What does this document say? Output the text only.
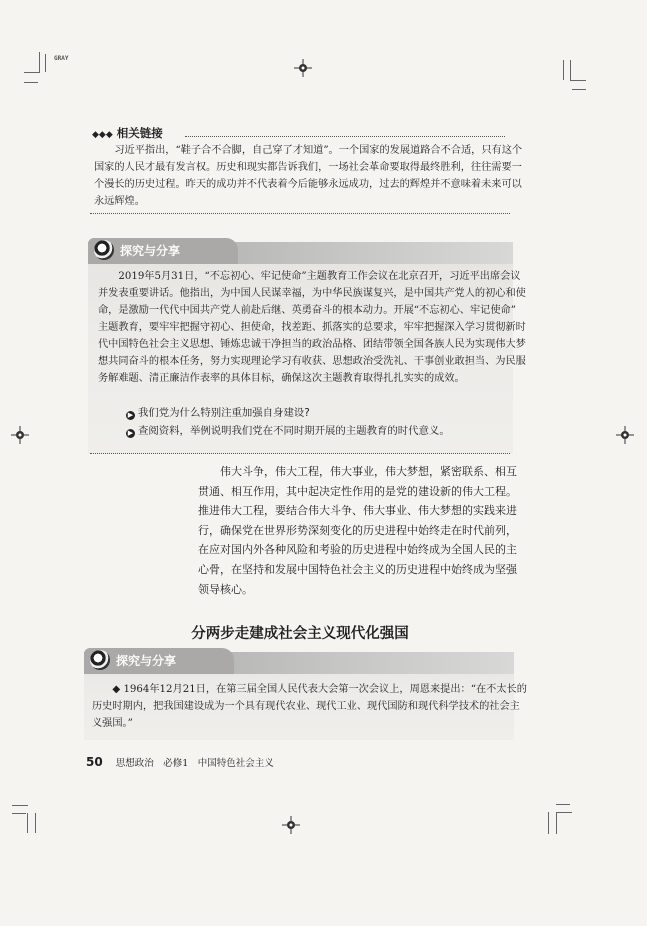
GRAY
◆◆◆ 相关链接
　　习近平指出，“鞋子合不合脚，自己穿了才知道”。一个国家的发展道路合不合适，只有这个
国家的人民才最有发言权。历史和现实都告诉我们，一场社会革命要取得最终胜利，往往需要一
个漫长的历史过程。昨天的成功并不代表着今后能够永远成功，过去的辉煌并不意味着未来可以
永远辉煌。
探究与分享
　　2019年5月31日，“不忘初心、牢记使命”主题教育工作会议在北京召开，习近平出席会议
并发表重要讲话。他指出，为中国人民谋幸福，为中华民族谋复兴，是中国共产党人的初心和使
命，是激励一代代中国共产党人前赴后继、英勇奋斗的根本动力。开展“不忘初心、牢记使命”
主题教育，要牢牢把握守初心、担使命，找差距、抓落实的总要求，牢牢把握深入学习贯彻新时
代中国特色社会主义思想、锤炼忠诚干净担当的政治品格、团结带领全国各族人民为实现伟大梦
想共同奋斗的根本任务，努力实现理论学习有收获、思想政治受洗礼、干事创业敢担当、为民服
务解难题、清正廉洁作表率的具体目标，确保这次主题教育取得扎扎实实的成效。
▶ 我们党为什么特别注重加强自身建设?
▶ 查阅资料，举例说明我们党在不同时期开展的主题教育的时代意义。
　　伟大斗争，伟大工程，伟大事业，伟大梦想，紧密联系、相互
贯通、相互作用，其中起决定性作用的是党的建设新的伟大工程。
推进伟大工程，要结合伟大斗争、伟大事业、伟大梦想的实践来进
行，确保党在世界形势深刻变化的历史进程中始终走在时代前列，
在应对国内外各种风险和考验的历史进程中始终成为全国人民的主
心骨，在坚持和发展中国特色社会主义的历史进程中始终成为坚强
领导核心。
分两步走建成社会主义现代化强国
探究与分享
　　◆ 1964年12月21日，在第三届全国人民代表大会第一次会议上，周恩来提出：“在不太长的
历史时期内，把我国建设成为一个具有现代农业、现代工业、现代国防和现代科学技术的社会主
义强国。”
50 思想政治　必修1　中国特色社会主义
